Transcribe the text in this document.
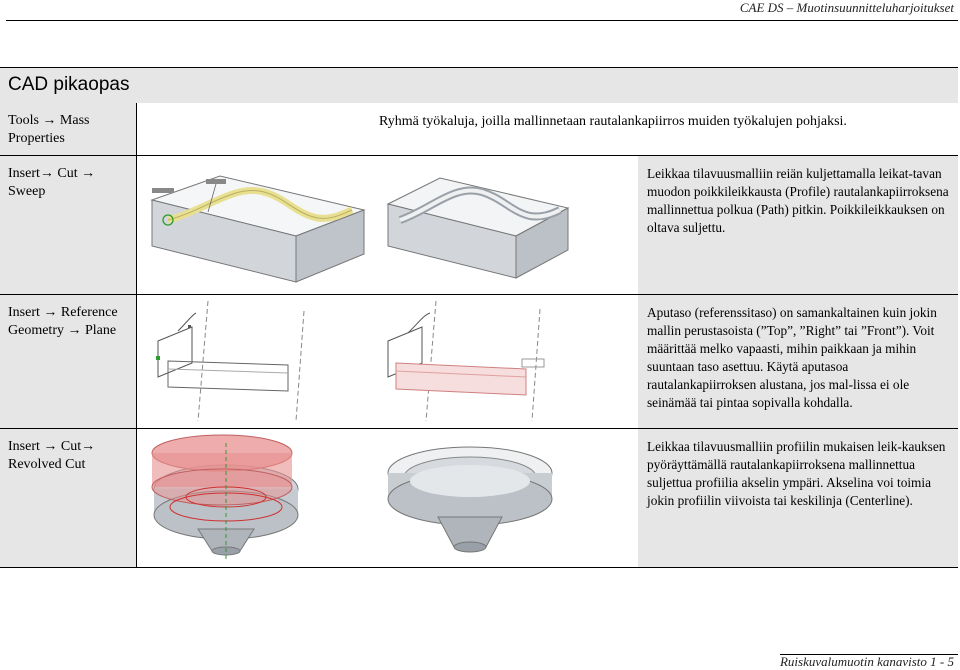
CAE DS – Muotinsuunnitteluharjoitukset
CAD pikaopas
Tools → Mass Properties
Ryhmä työkaluja, joilla mallinnetaan rautalankapiirros muiden työkalujen pohjaksi.
Insert→ Cut → Sweep
Leikkaa tilavuusmalliin reiän kuljettamalla leikat-tavan muodon poikkileikkausta (Profile) rautalankapiirroksena mallinnettua polkua (Path) pitkin. Poikkileikkauksen on oltava suljettu.
Insert → Reference Geometry → Plane
Aputaso (referenssitaso) on samankaltainen kuin jokin mallin perustasoista (”Top”, ”Right” tai ”Front”). Voit määrittää melko vapaasti, mihin paikkaan ja mihin suuntaan taso asettuu. Käytä aputasoa rautalankapiirroksen alustana, jos mal-lissa ei ole seinämää tai pintaa sopivalla kohdalla.
Insert → Cut→ Revolved Cut
Leikkaa tilavuusmalliin profiilin mukaisen leik-kauksen pyöräyttämällä rautalankapiirroksena mallinnettua suljettua profiilia akselin ympäri. Akselina voi toimia jokin profiilin viivoista tai keskilinja (Centerline).
Ruiskuvalumuotin kanavisto 1 - 5
